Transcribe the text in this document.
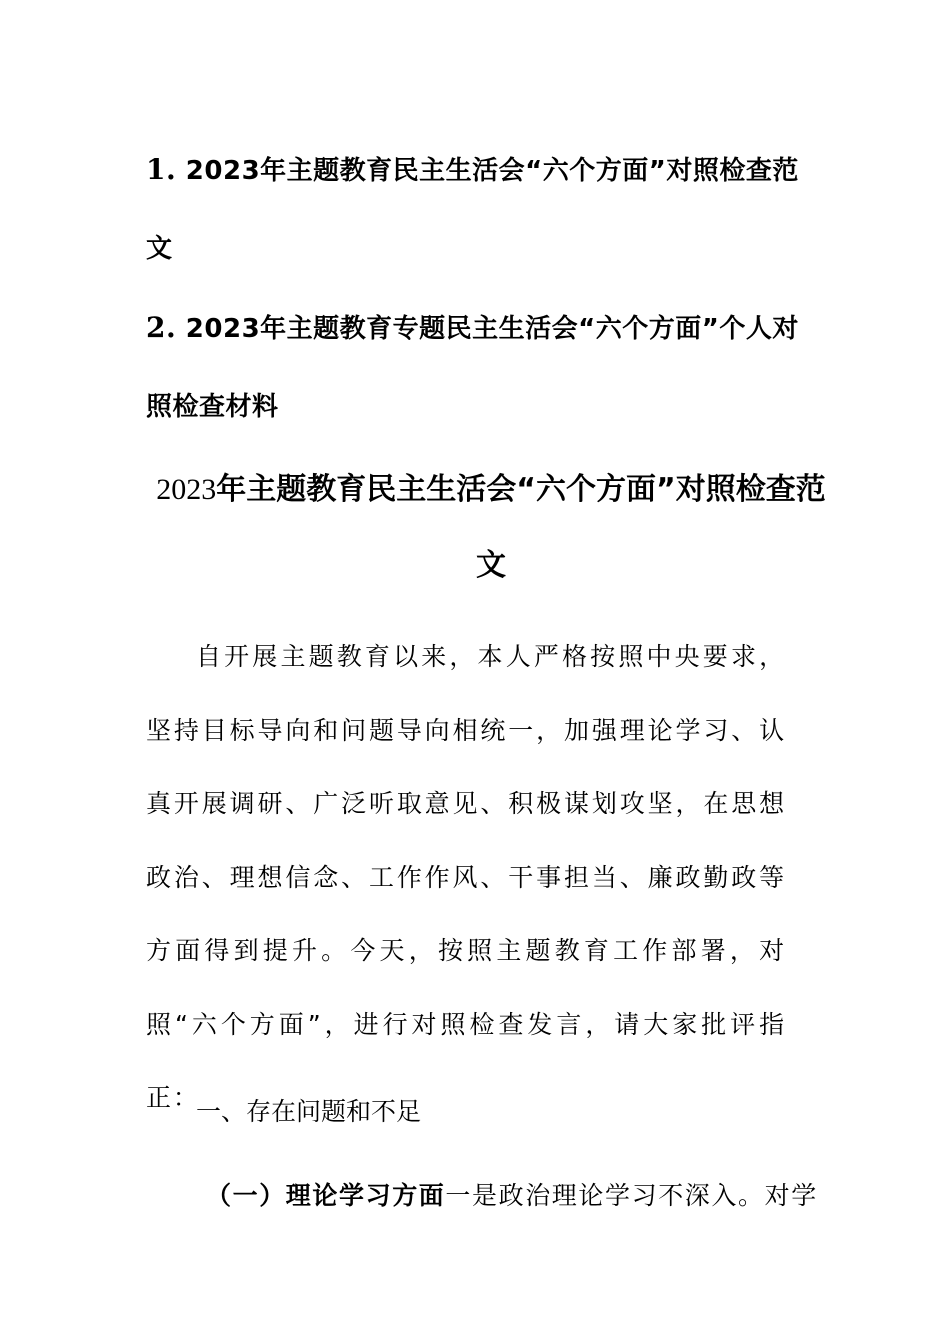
1. 2023年主题教育民主生活会“六个方面”对照检查范文
2. 2023年主题教育专题民主生活会“六个方面”个人对照检查材料
2023年主题教育民主生活会“六个方面”对照检查范文
自开展主题教育以来，本人严格按照中央要求，坚持目标导向和问题导向相统一，加强理论学习、认真开展调研、广泛听取意见、积极谋划攻坚，在思想政治、理想信念、工作作风、干事担当、廉政勤政等方面得到提升。今天，按照主题教育工作部署，对照“六个方面”，进行对照检查发言，请大家批评指正：
一、存在问题和不足
（一）理论学习方面一是政治理论学习不深入。对学
